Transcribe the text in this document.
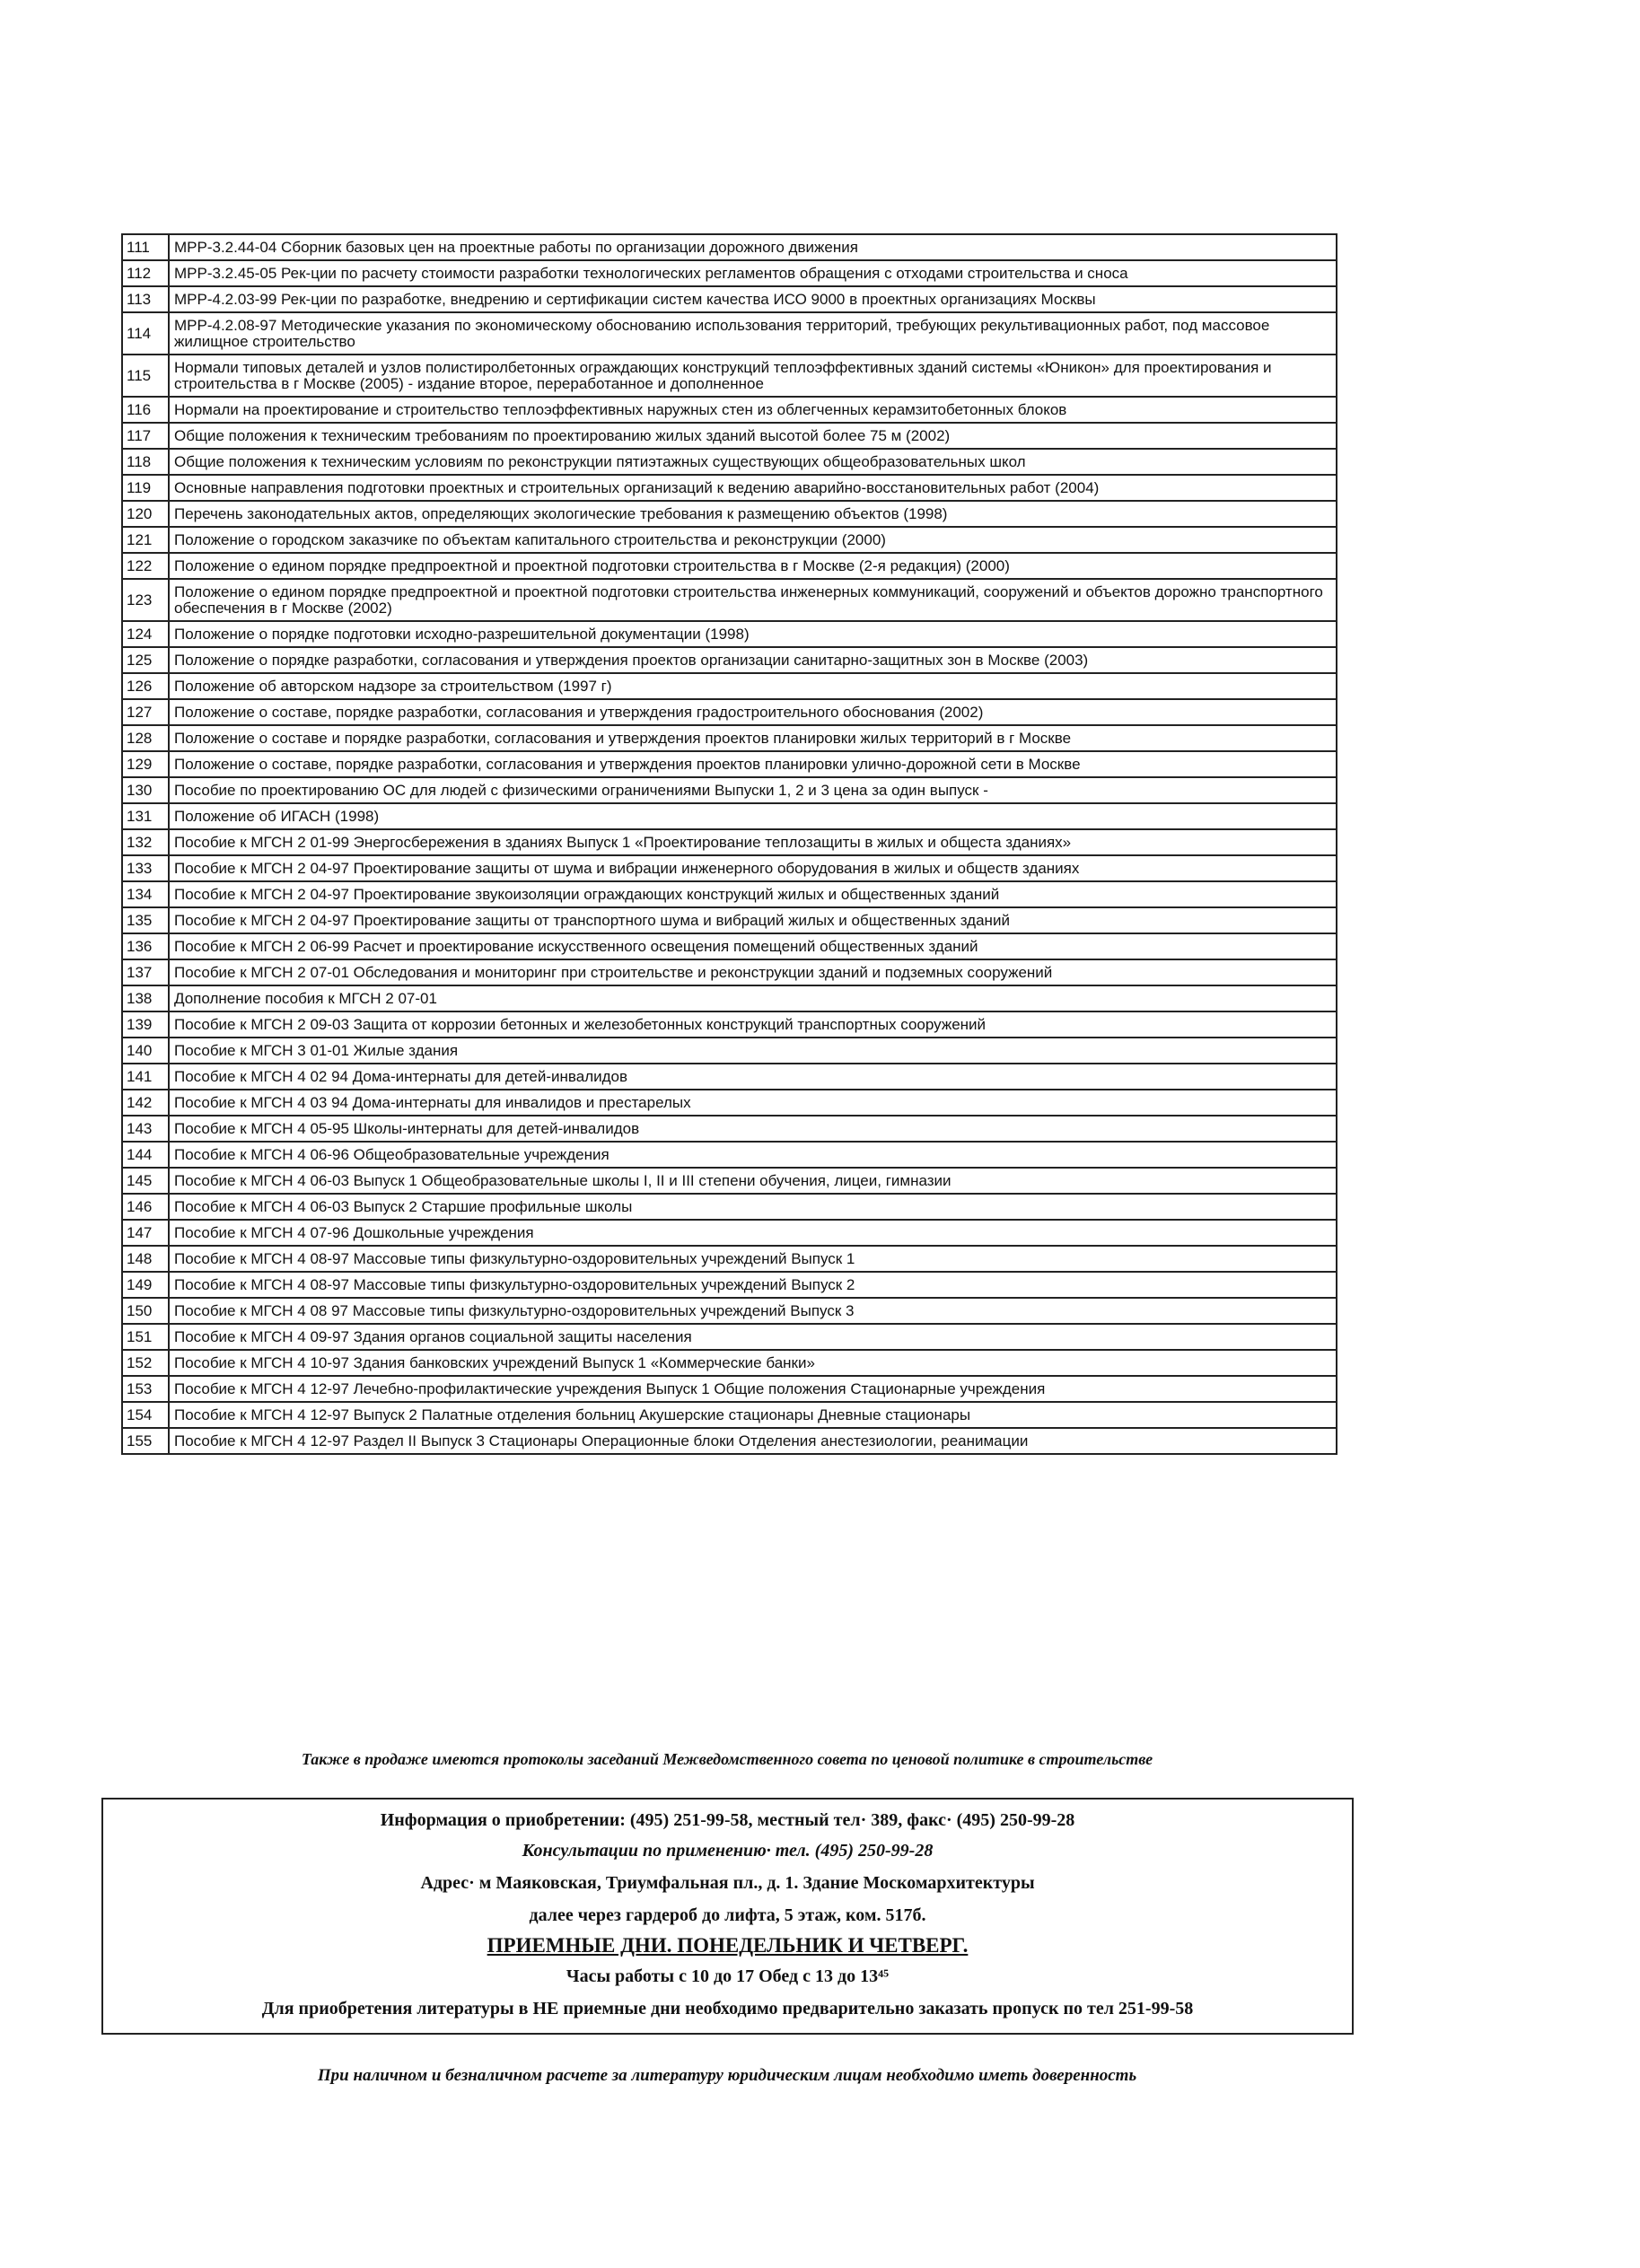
111	МРР-3.2.44-04 Сборник базовых цен на проектные работы по организации дорожного движения
112	МРР-3.2.45-05 Рек-ции по расчету стоимости разработки технологических регламентов обращения с отходами строительства и сноса
113	МРР-4.2.03-99 Рек-ции по разработке, внедрению и сертификации систем качества ИСО 9000 в проектных организациях Москвы
114	МРР-4.2.08-97 Методические указания по экономическому обоснованию использования территорий, требующих рекультивационных работ, под массовое жилищное строительство
115	Нормали типовых деталей и узлов полистиролбетонных ограждающих конструкций теплоэффективных зданий системы «Юникон» для проектирования и строительства в г Москве (2005) - издание второе, переработанное и дополненное
116	Нормали на проектирование и строительство теплоэффективных наружных стен из облегченных керамзитобетонных блоков
117	Общие положения к техническим требованиям по проектированию жилых зданий высотой более 75 м (2002)
118	Общие положения к техническим условиям по реконструкции пятиэтажных существующих общеобразовательных школ
119	Основные направления подготовки проектных и строительных организаций к ведению аварийно-восстановительных работ (2004)
120	Перечень законодательных актов, определяющих экологические требования к размещению объектов (1998)
121	Положение о городском заказчике по объектам капитального строительства и реконструкции (2000)
122	Положение о едином порядке предпроектной и проектной подготовки строительства в г Москве (2-я редакция) (2000)
123	Положение о едином порядке предпроектной и проектной подготовки строительства инженерных коммуникаций, сооружений и объектов дорожно транспортного обеспечения в г Москве (2002)
124	Положение о порядке подготовки исходно-разрешительной документации (1998)
125	Положение о порядке разработки, согласования и утверждения проектов организации санитарно-защитных зон в Москве (2003)
126	Положение об авторском надзоре за строительством (1997 г)
127	Положение о составе, порядке разработки, согласования и утверждения градостроительного обоснования (2002)
128	Положение о составе и порядке разработки, согласования и утверждения проектов планировки жилых территорий в г Москве
129	Положение о составе, порядке разработки, согласования и утверждения проектов планировки улично-дорожной сети в Москве
130	Пособие по проектированию ОС для людей с физическими ограничениями Выпуски 1, 2 и 3 цена за один выпуск -
131	Положение об ИГАСН (1998)
132	Пособие к МГСН 2 01-99 Энергосбережения в зданиях Выпуск 1 «Проектирование теплозащиты в жилых и общеста зданиях»
133	Пособие к МГСН 2 04-97 Проектирование защиты от шума и вибрации инженерного оборудования в жилых и обществ зданиях
134	Пособие к МГСН 2 04-97 Проектирование звукоизоляции ограждающих конструкций жилых и общественных зданий
135	Пособие к МГСН 2 04-97 Проектирование защиты от транспортного шума и вибраций жилых и общественных зданий
136	Пособие к МГСН 2 06-99 Расчет и проектирование искусственного освещения помещений общественных зданий
137	Пособие к МГСН 2 07-01 Обследования и мониторинг при строительстве и реконструкции зданий и подземных сооружений
138	Дополнение пособия к МГСН 2 07-01
139	Пособие к МГСН 2 09-03 Защита от коррозии бетонных и железобетонных конструкций транспортных сооружений
140	Пособие к МГСН 3 01-01 Жилые здания
141	Пособие к МГСН 4 02 94 Дома-интернаты для детей-инвалидов
142	Пособие к МГСН 4 03 94 Дома-интернаты для инвалидов и престарелых
143	Пособие к МГСН 4 05-95 Школы-интернаты для детей-инвалидов
144	Пособие к МГСН 4 06-96 Общеобразовательные учреждения
145	Пособие к МГСН 4 06-03 Выпуск 1 Общеобразовательные школы I, II и III степени обучения, лицеи, гимназии
146	Пособие к МГСН 4 06-03 Выпуск 2 Старшие профильные школы
147	Пособие к МГСН 4 07-96 Дошкольные учреждения
148	Пособие к МГСН 4 08-97 Массовые типы физкультурно-оздоровительных учреждений Выпуск 1
149	Пособие к МГСН 4 08-97 Массовые типы физкультурно-оздоровительных учреждений Выпуск 2
150	Пособие к МГСН 4 08 97 Массовые типы физкультурно-оздоровительных учреждений Выпуск 3
151	Пособие к МГСН 4 09-97 Здания органов социальной защиты населения
152	Пособие к МГСН 4 10-97 Здания банковских учреждений Выпуск 1 «Коммерческие банки»
153	Пособие к МГСН 4 12-97 Лечебно-профилактические учреждения Выпуск 1 Общие положения Стационарные учреждения
154	Пособие к МГСН 4 12-97 Выпуск 2 Палатные отделения больниц Акушерские стационары Дневные стационары
155	Пособие к МГСН 4 12-97 Раздел II Выпуск 3 Стационары Операционные блоки Отделения анестезиологии, реанимации
Также в продаже имеются протоколы заседаний Межведомственного совета по ценовой политике в строительстве
Информация о приобретении: (495) 251-99-58, местный тел· 389, факс· (495) 250-99-28
Консультации по применению· тел. (495) 250-99-28
Адрес· м Маяковская, Триумфальная пл., д. 1. Здание Москомархитектуры
далее через гардероб до лифта, 5 этаж, ком. 517б.
ПРИЕМНЫЕ ДНИ. ПОНЕДЕЛЬНИК И ЧЕТВЕРГ.
Часы работы с 10 до 17 Обед с 13 до 13⁴⁵
Для приобретения литературы в НЕ приемные дни необходимо предварительно заказать пропуск по тел 251-99-58
При наличном и безналичном расчете за литературу юридическим лицам необходимо иметь доверенность
